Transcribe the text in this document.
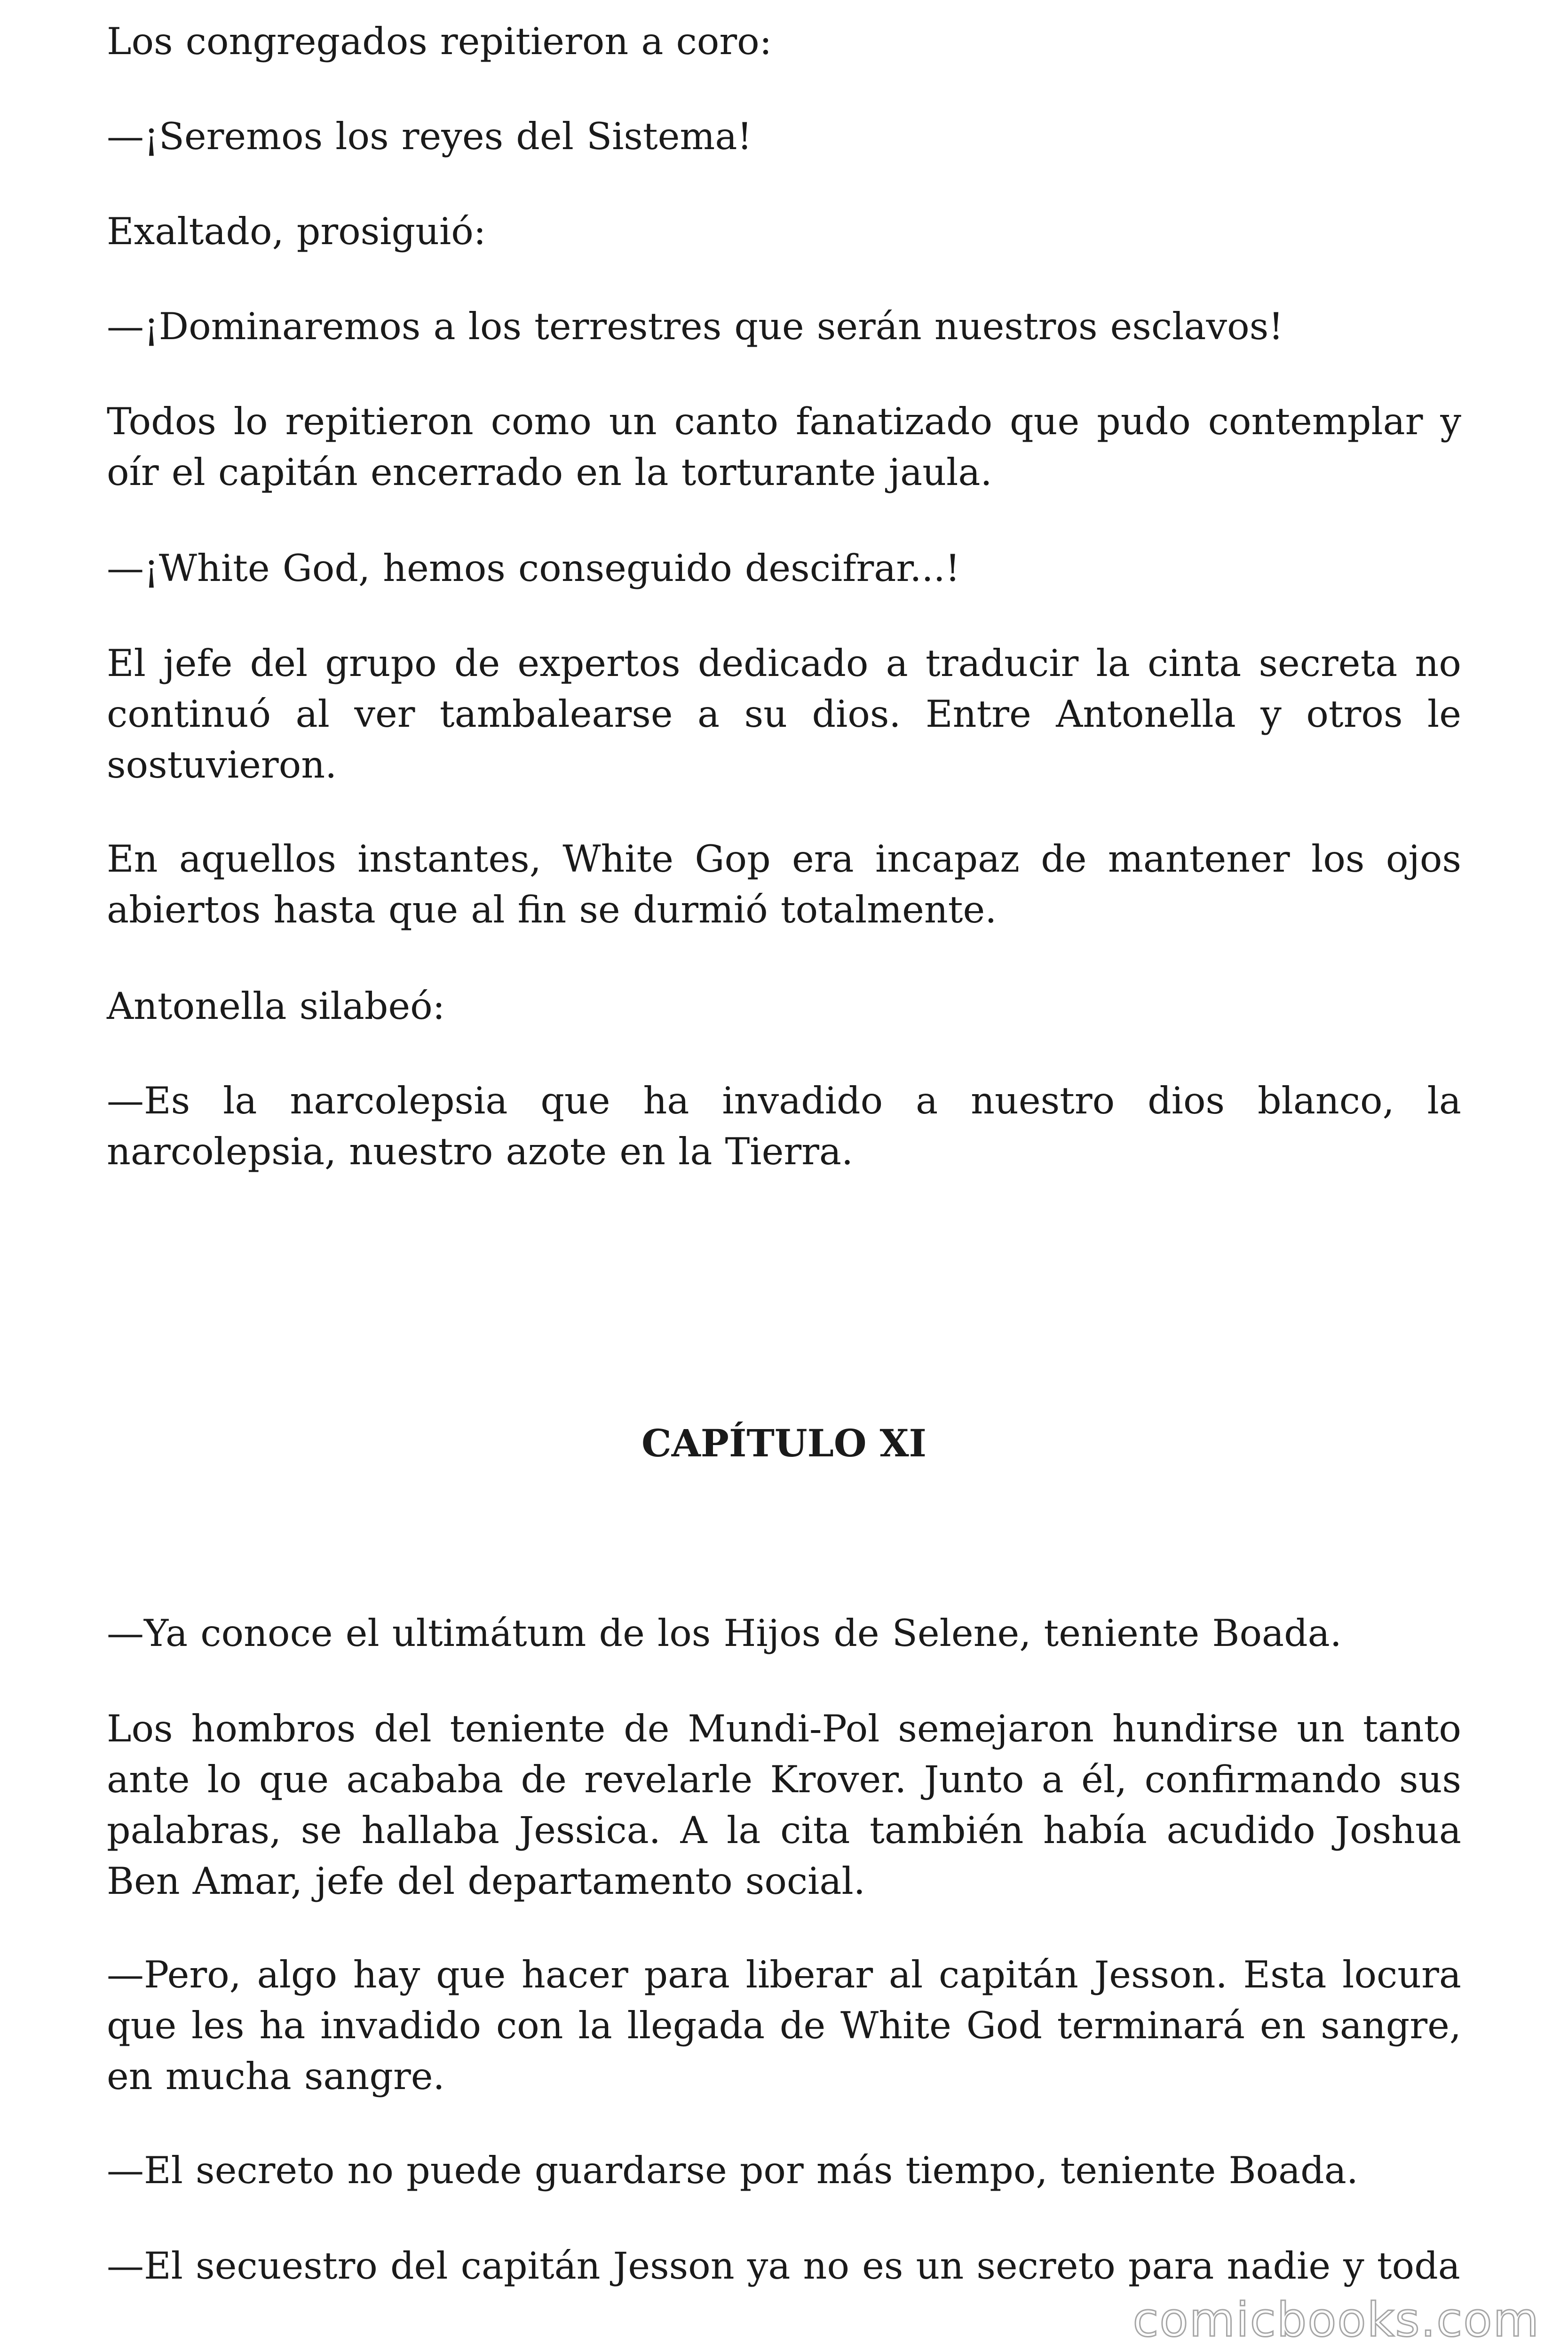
Los congregados repitieron a coro:

—¡Seremos los reyes del Sistema!

Exaltado, prosiguió:

—¡Dominaremos a los terrestres que serán nuestros esclavos!

Todos lo repitieron como un canto fanatizado que pudo contemplar y oír el capitán encerrado en la torturante jaula.

—¡White God, hemos conseguido descifrar...!

El jefe del grupo de expertos dedicado a traducir la cinta secreta no continuó al ver tambalearse a su dios. Entre Antonella y otros le sostuvieron.

En aquellos instantes, White Gop era incapaz de mantener los ojos abiertos hasta que al fin se durmió totalmente.

Antonella silabeó:

—Es la narcolepsia que ha invadido a nuestro dios blanco, la narcolepsia, nuestro azote en la Tierra.

CAPÍTULO XI

—Ya conoce el ultimátum de los Hijos de Selene, teniente Boada.

Los hombros del teniente de Mundi-Pol semejaron hundirse un tanto ante lo que acababa de revelarle Krover. Junto a él, confirmando sus palabras, se hallaba Jessica. A la cita también había acudido Joshua Ben Amar, jefe del departamento social.

—Pero, algo hay que hacer para liberar al capitán Jesson. Esta locura que les ha invadido con la llegada de White God terminará en sangre, en mucha sangre.

—El secreto no puede guardarse por más tiempo, teniente Boada.

—El secuestro del capitán Jesson ya no es un secreto para nadie y toda

comicbooks.com
